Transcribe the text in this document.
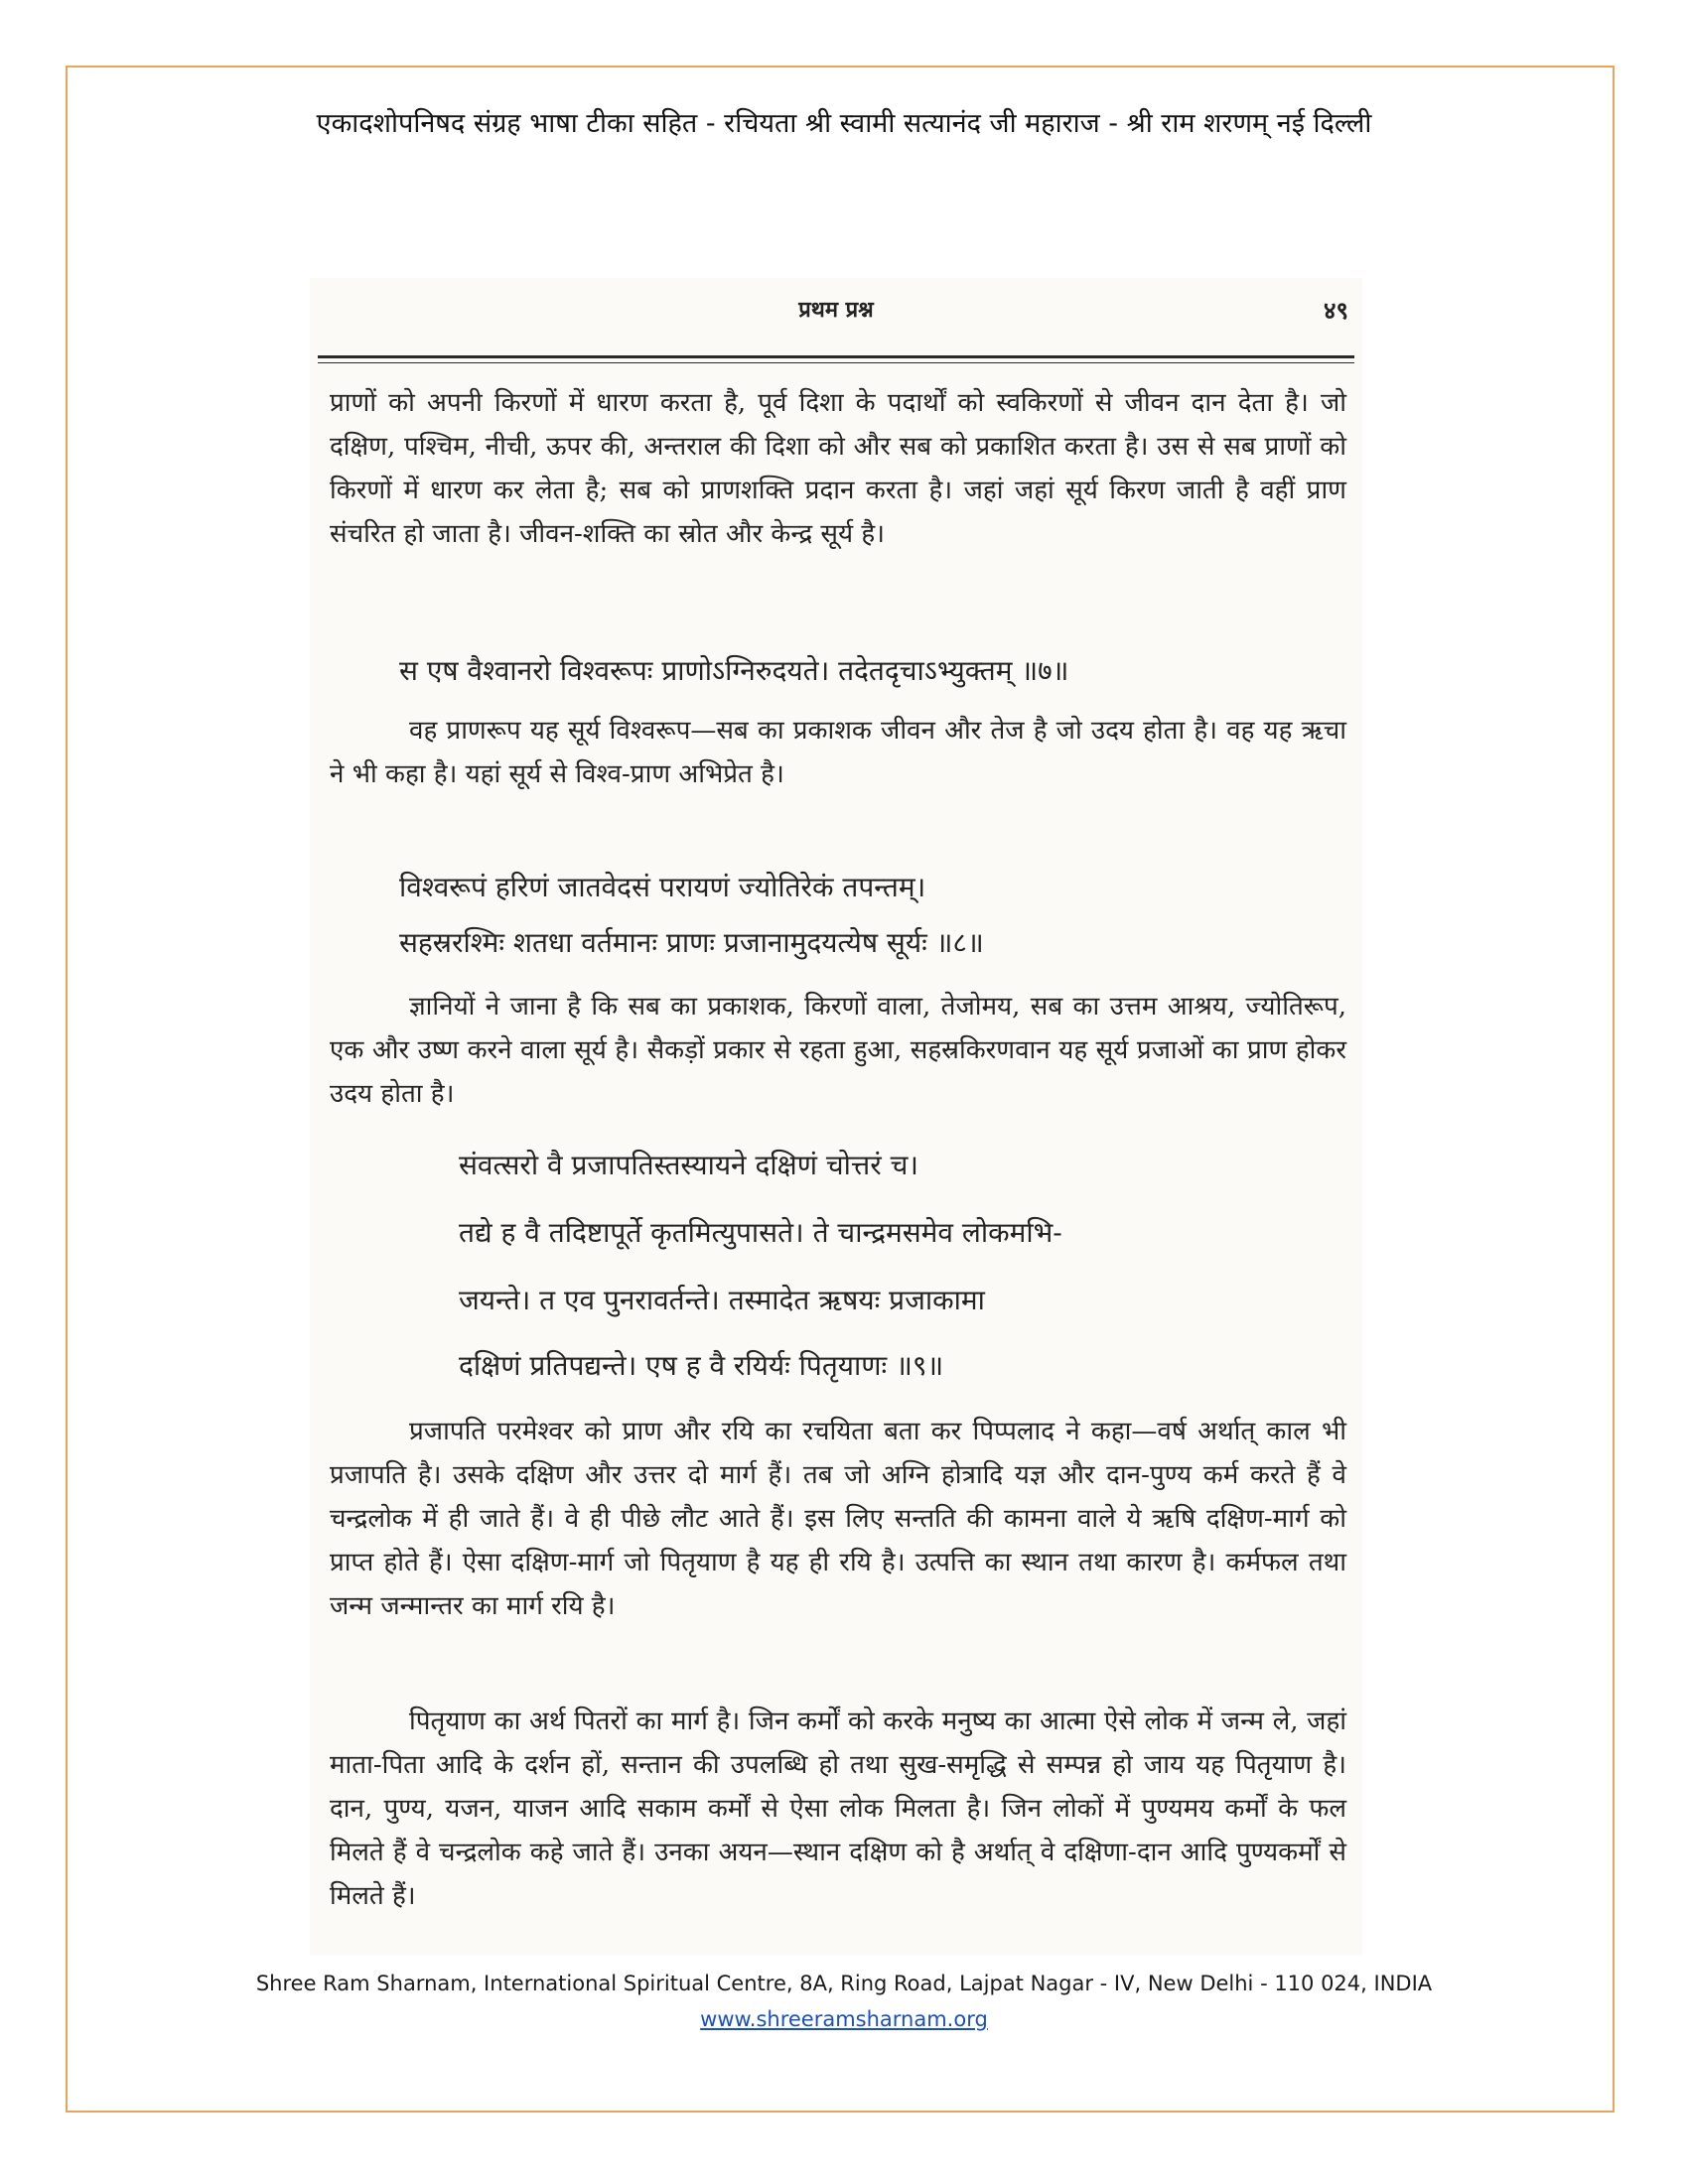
एकादशोपनिषद संग्रह भाषा टीका सहित - रचियता श्री स्वामी सत्यानंद जी महाराज - श्री राम शरणम् नई दिल्ली
प्रथम प्रश्न	४९

प्राणों को अपनी किरणों में धारण करता है, पूर्व दिशा के पदार्थों को स्वकिरणों से जीवन दान देता है। जो दक्षिण, पश्चिम, नीची, ऊपर की, अन्तराल की दिशा को और सब को प्रकाशित करता है। उस से सब प्राणों को किरणों में धारण कर लेता है; सब को प्राणशक्ति प्रदान करता है। जहां जहां सूर्य किरण जाती है वहीं प्राण संचरित हो जाता है। जीवन-शक्ति का स्रोत और केन्द्र सूर्य है।

स एष वैश्वानरो विश्वरूपः प्राणोऽग्निरुदयते। तदेतदृचाऽभ्युक्तम् ॥७॥

वह प्राणरूप यह सूर्य विश्वरूप—सब का प्रकाशक जीवन और तेज है जो उदय होता है। वह यह ऋचा ने भी कहा है। यहां सूर्य से विश्व-प्राण अभिप्रेत है।

विश्वरूपं हरिणं जातवेदसं परायणं ज्योतिरेकं तपन्तम्।

सहस्ररश्मिः शतधा वर्तमानः प्राणः प्रजानामुदयत्येष सूर्यः ॥८॥

ज्ञानियों ने जाना है कि सब का प्रकाशक, किरणों वाला, तेजोमय, सब का उत्तम आश्रय, ज्योतिरूप, एक और उष्ण करने वाला सूर्य है। सैकड़ों प्रकार से रहता हुआ, सहस्रकिरणवान यह सूर्य प्रजाओं का प्राण होकर उदय होता है।

संवत्सरो वै प्रजापतिस्तस्यायने दक्षिणं चोत्तरं च।

तद्ये ह वै तदिष्टापूर्ते कृतमित्युपासते। ते चान्द्रमसमेव लोकमभि-

जयन्ते। त एव पुनरावर्तन्ते। तस्मादेत ऋषयः प्रजाकामा

दक्षिणं प्रतिपद्यन्ते। एष ह वै रयिर्यः पितृयाणः ॥९॥

प्रजापति परमेश्वर को प्राण और रयि का रचयिता बता कर पिप्पलाद ने कहा—वर्ष अर्थात् काल भी प्रजापति है। उसके दक्षिण और उत्तर दो मार्ग हैं। तब जो अग्नि होत्रादि यज्ञ और दान-पुण्य कर्म करते हैं वे चन्द्रलोक में ही जाते हैं। वे ही पीछे लौट आते हैं। इस लिए सन्तति की कामना वाले ये ऋषि दक्षिण-मार्ग को प्राप्त होते हैं। ऐसा दक्षिण-मार्ग जो पितृयाण है यह ही रयि है। उत्पत्ति का स्थान तथा कारण है। कर्मफल तथा जन्म जन्मान्तर का मार्ग रयि है।

पितृयाण का अर्थ पितरों का मार्ग है। जिन कर्मों को करके मनुष्य का आत्मा ऐसे लोक में जन्म ले, जहां माता-पिता आदि के दर्शन हों, सन्तान की उपलब्धि हो तथा सुख-समृद्धि से सम्पन्न हो जाय यह पितृयाण है। दान, पुण्य, यजन, याजन आदि सकाम कर्मों से ऐसा लोक मिलता है। जिन लोकों में पुण्यमय कर्मों के फल मिलते हैं वे चन्द्रलोक कहे जाते हैं। उनका अयन—स्थान दक्षिण को है अर्थात् वे दक्षिणा-दान आदि पुण्यकर्मों से मिलते हैं।

Shree Ram Sharnam, International Spiritual Centre, 8A, Ring Road, Lajpat Nagar - IV, New Delhi - 110 024, INDIA
www.shreeramsharnam.org
